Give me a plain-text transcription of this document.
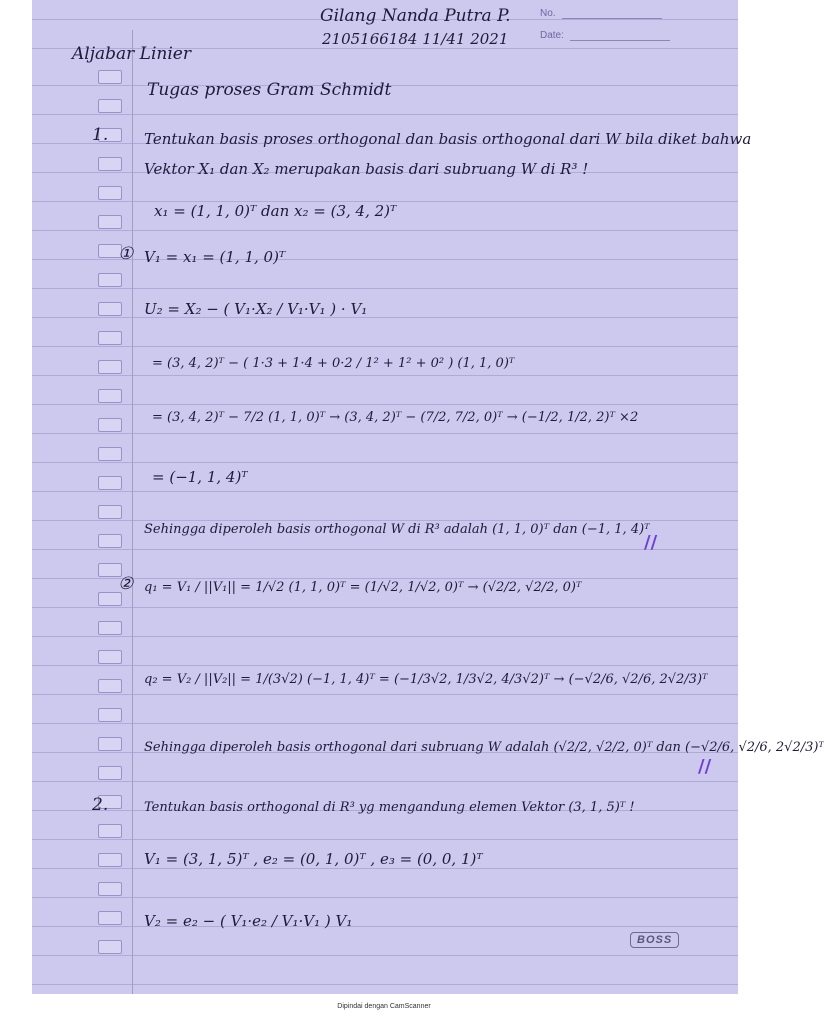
No.
Date:
Gilang Nanda Putra P.
2105166184 11/41 2021
Aljabar Linier
Tugas proses Gram Schmidt
1. Tentukan basis proses orthogonal dan basis orthogonal dari W bila diket bahwa
Vektor X₁ dan X₂ merupakan basis dari subruang W di R³ !
x₁ = (1, 1, 0)ᵀ dan x₂ = (3, 4, 2)ᵀ
① V₁ = x₁ = (1, 1, 0)ᵀ
U₂ = X₂ − ( V₁·X₂ / V₁·V₁ ) · V₁
= (3, 4, 2)ᵀ − ( 1·3 + 1·4 + 0·2 / 1² + 1² + 0² ) (1, 1, 0)ᵀ
= (3, 4, 2)ᵀ − 7/2 (1, 1, 0)ᵀ → (3, 4, 2)ᵀ − (7/2, 7/2, 0)ᵀ → (−1/2, 1/2, 2)ᵀ ×2
= (−1, 1, 4)ᵀ
Sehingga diperoleh basis orthogonal W di R³ adalah (1, 1, 0)ᵀ dan (−1, 1, 4)ᵀ
//
② q₁ = V₁ / ||V₁|| = 1/√2 (1, 1, 0)ᵀ = (1/√2, 1/√2, 0)ᵀ → (√2/2, √2/2, 0)ᵀ
q₂ = V₂ / ||V₂|| = 1/(3√2) (−1, 1, 4)ᵀ = (−1/3√2, 1/3√2, 4/3√2)ᵀ → (−√2/6, √2/6, 2√2/3)ᵀ
Sehingga diperoleh basis orthogonal dari subruang W adalah (√2/2, √2/2, 0)ᵀ dan (−√2/6, √2/6, 2√2/3)ᵀ
//
2.	Tentukan basis orthogonal di R³ yg mengandung elemen Vektor (3, 1, 5)ᵀ !
V₁ = (3, 1, 5)ᵀ , e₂ = (0, 1, 0)ᵀ , e₃ = (0, 0, 1)ᵀ
V₂ = e₂ − ( V₁·e₂ / V₁·V₁ ) V₁
BOSS
Dipindai dengan CamScanner
